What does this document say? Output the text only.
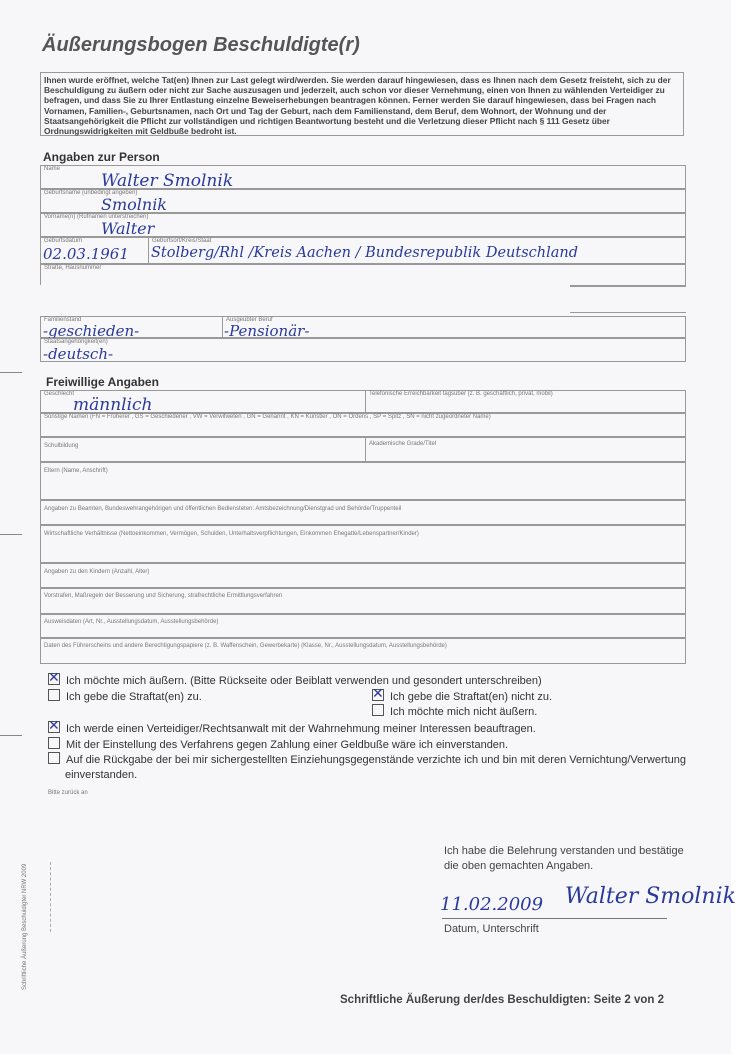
Äußerungsbogen Beschuldigte(r)
Ihnen wurde eröffnet, welche Tat(en) Ihnen zur Last gelegt wird/werden. Sie werden darauf hingewiesen, dass es Ihnen nach dem Gesetz freisteht, sich zu der Beschuldigung zu äußern oder nicht zur Sache auszusagen und jederzeit, auch schon vor dieser Vernehmung, einen von Ihnen zu wählenden Verteidiger zu befragen, und dass Sie zu Ihrer Entlastung einzelne Beweiserhebungen beantragen können. Ferner werden Sie darauf hingewiesen, dass bei Fragen nach Vornamen, Familien-, Geburtsnamen, nach Ort und Tag der Geburt, nach dem Familienstand, dem Beruf, dem Wohnort, der Wohnung und der Staatsangehörigkeit die Pflicht zur vollständigen und richtigen Beantwortung besteht und die Verletzung dieser Pflicht nach § 111 Gesetz über Ordnungswidrigkeiten mit Geldbuße bedroht ist.
Angaben zur Person
Name
Walter Smolnik
Geburtsname (unbedingt angeben)
Smolnik
Vorname(n) (Rufnamen unterstreichen)
Walter
Geburtsdatum
02.03.1961
Geburtsort/Kreis/Staat
Stolberg/Rhl /Kreis Aachen / Bundesrepublik Deutschland
Straße, Hausnummer
Familienstand
-geschieden-
Ausgeübter Beruf
-Pensionär-
Staatsangehörigkeit(en)
-deutsch-
Freiwillige Angaben
Geschlecht
männlich
Telefonische Erreichbarkeit tagsüber (z. B. geschäftlich, privat, mobil)
Sonstige Namen (FN = Früherer , GS = Geschiedener , VW = Verwitweten , GN = Genannt , KN = Künstler , ON = Ordens , SP = Spitz , SN = nicht zugeordneter Name)
Schulbildung	Akademische Grade/Titel
Eltern (Name, Anschrift)
Angaben zu Beamten, Bundeswehrangehörigen und öffentlichen Bediensteten: Amtsbezeichnung/Dienstgrad und Behörde/Truppenteil
Wirtschaftliche Verhältnisse (Nettoeinkommen, Vermögen, Schulden, Unterhaltsverpflichtungen, Einkommen Ehegatte/Lebenspartner/Kinder)
Angaben zu den Kindern (Anzahl, Alter)
Vorstrafen, Maßregeln der Besserung und Sicherung, strafrechtliche Ermittlungsverfahren
Ausweisdaten (Art, Nr., Ausstellungsdatum, Ausstellungsbehörde)
Daten des Führerscheins und andere Berechtigungspapiere (z. B. Waffenschein, Gewerbekarte) (Klasse, Nr., Ausstellungsdatum, Ausstellungsbehörde)
✕Ich möchte mich äußern. (Bitte Rückseite oder Beiblatt verwenden und gesondert unterschreiben)
Ich gebe die Straftat(en) zu. ✕	Ich gebe die Straftat(en) nicht zu.
Ich möchte mich nicht äußern.
✕Ich werde einen Verteidiger/Rechtsanwalt mit der Wahrnehmung meiner Interessen beauftragen.
Mit der Einstellung des Verfahrens gegen Zahlung einer Geldbuße wäre ich einverstanden.
Auf die Rückgabe der bei mir sichergestellten Einziehungsgegenstände verzichte ich und bin mit deren Vernichtung/Verwertung einverstanden.
Bitte zurück an
Schriftliche Äußerung Beschuldigter NRW 2009
Ich habe die Belehrung verstanden und bestätige die oben gemachten Angaben.
11.02.2009 Walter Smolnik
Datum, Unterschrift
Schriftliche Äußerung der/des Beschuldigten: Seite 2 von 2
